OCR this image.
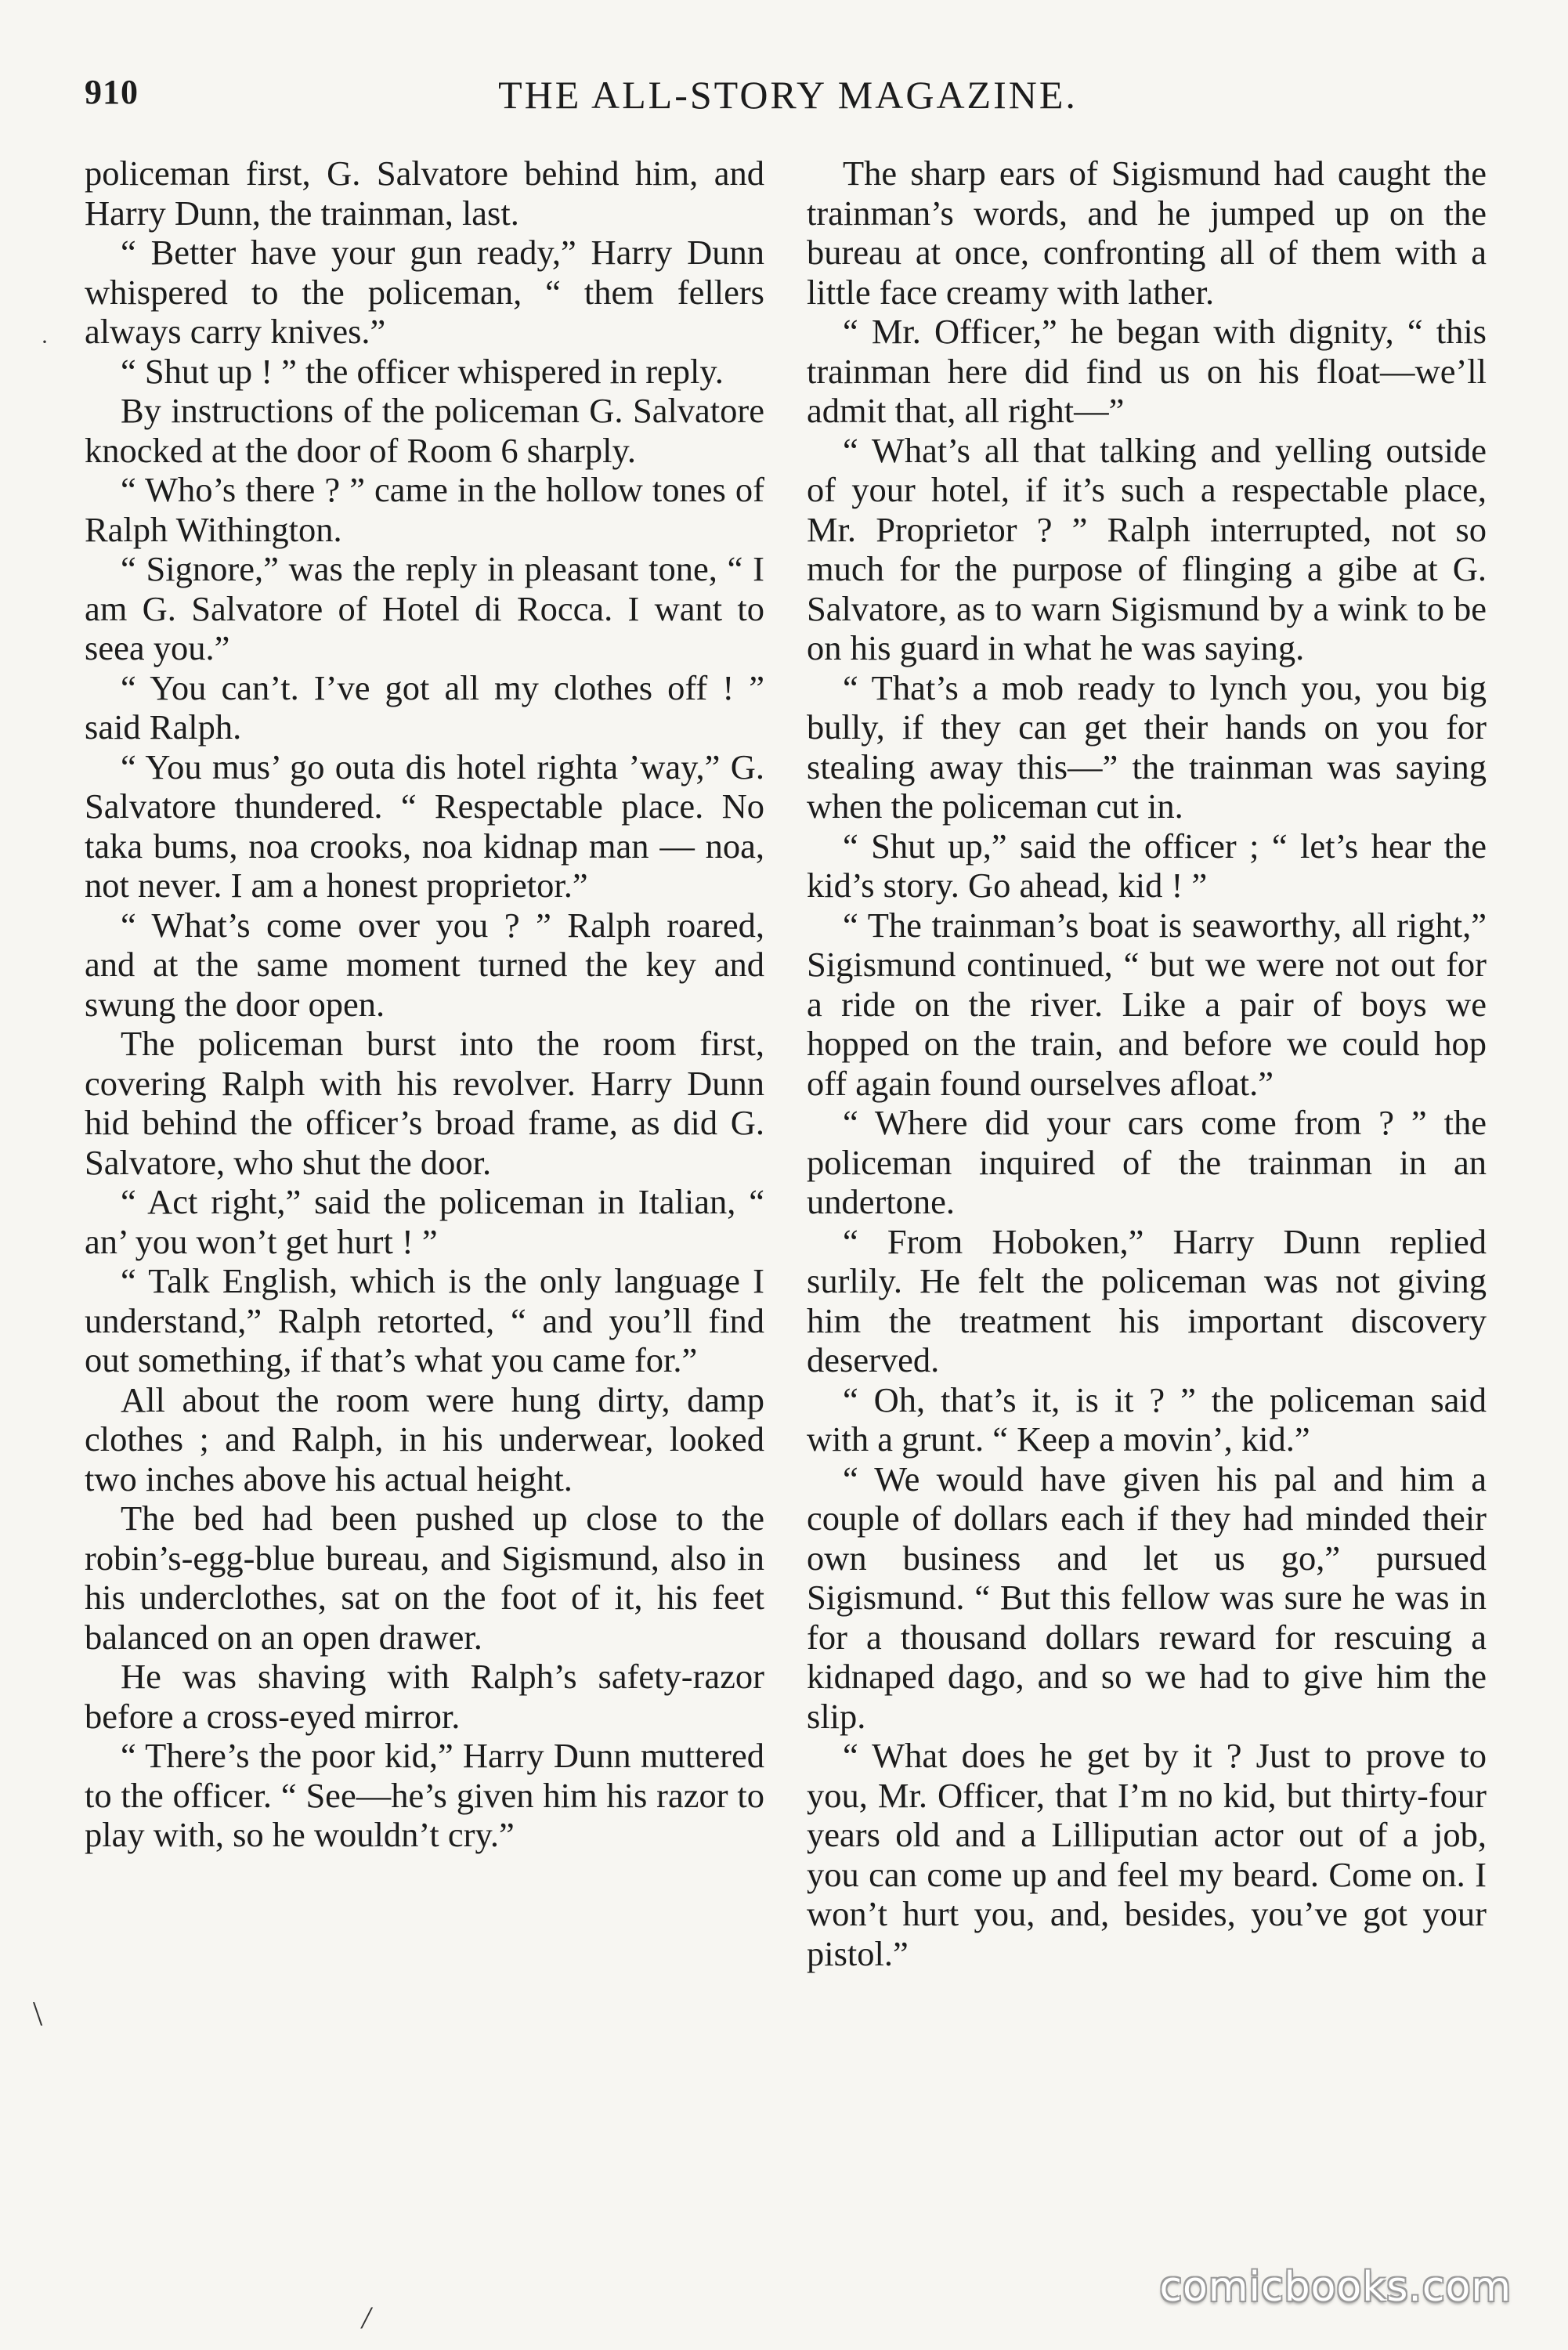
910	THE ALL-STORY MAGAZINE.

policeman first, G. Salvatore behind him, and Harry Dunn, the trainman, last.

“ Better have your gun ready,” Harry Dunn whispered to the policeman, “ them fellers always carry knives.”

“ Shut up ! ” the officer whispered in reply.

By instructions of the policeman G. Salvatore knocked at the door of Room 6 sharply.

“ Who’s there ? ” came in the hollow tones of Ralph Withington.

“ Signore,” was the reply in pleasant tone, “ I am G. Salvatore of Hotel di Rocca. I want to seea you.”

“ You can’t. I’ve got all my clothes off ! ” said Ralph.

“ You mus’ go outa dis hotel righta ’way,” G. Salvatore thundered. “ Respectable place. No taka bums, noa crooks, noa kidnap man — noa, not never. I am a honest proprietor.”

“ What’s come over you ? ” Ralph roared, and at the same moment turned the key and swung the door open.

The policeman burst into the room first, covering Ralph with his revolver. Harry Dunn hid behind the officer’s broad frame, as did G. Salvatore, who shut the door.

“ Act right,” said the policeman in Italian, “ an’ you won’t get hurt ! ”

“ Talk English, which is the only language I understand,” Ralph retorted, “ and you’ll find out something, if that’s what you came for.”

All about the room were hung dirty, damp clothes ; and Ralph, in his underwear, looked two inches above his actual height.

The bed had been pushed up close to the robin’s-egg-blue bureau, and Sigismund, also in his underclothes, sat on the foot of it, his feet balanced on an open drawer.

He was shaving with Ralph’s safety-razor before a cross-eyed mirror.

“ There’s the poor kid,” Harry Dunn muttered to the officer. “ See—he’s given him his razor to play with, so he wouldn’t cry.”

The sharp ears of Sigismund had caught the trainman’s words, and he jumped up on the bureau at once, confronting all of them with a little face creamy with lather.

“ Mr. Officer,” he began with dignity, “ this trainman here did find us on his float—we’ll admit that, all right—”

“ What’s all that talking and yelling outside of your hotel, if it’s such a respectable place, Mr. Proprietor ? ” Ralph interrupted, not so much for the purpose of flinging a gibe at G. Salvatore, as to warn Sigismund by a wink to be on his guard in what he was saying.

“ That’s a mob ready to lynch you, you big bully, if they can get their hands on you for stealing away this—” the trainman was saying when the policeman cut in.

“ Shut up,” said the officer ; “ let’s hear the kid’s story. Go ahead, kid ! ”

“ The trainman’s boat is seaworthy, all right,” Sigismund continued, “ but we were not out for a ride on the river. Like a pair of boys we hopped on the train, and before we could hop off again found ourselves afloat.”

“ Where did your cars come from ? ” the policeman inquired of the trainman in an undertone.

“ From Hoboken,” Harry Dunn replied surlily. He felt the policeman was not giving him the treatment his important discovery deserved.

“ Oh, that’s it, is it ? ” the policeman said with a grunt. “ Keep a movin’, kid.”

“ We would have given his pal and him a couple of dollars each if they had minded their own business and let us go,” pursued Sigismund. “ But this fellow was sure he was in for a thousand dollars reward for rescuing a kidnaped dago, and so we had to give him the slip.

“ What does he get by it ? Just to prove to you, Mr. Officer, that I’m no kid, but thirty-four years old and a Lilliputian actor out of a job, you can come up and feel my beard. Come on. I won’t hurt you, and, besides, you’ve got your pistol.”

·
\
/
comicbooks.com
